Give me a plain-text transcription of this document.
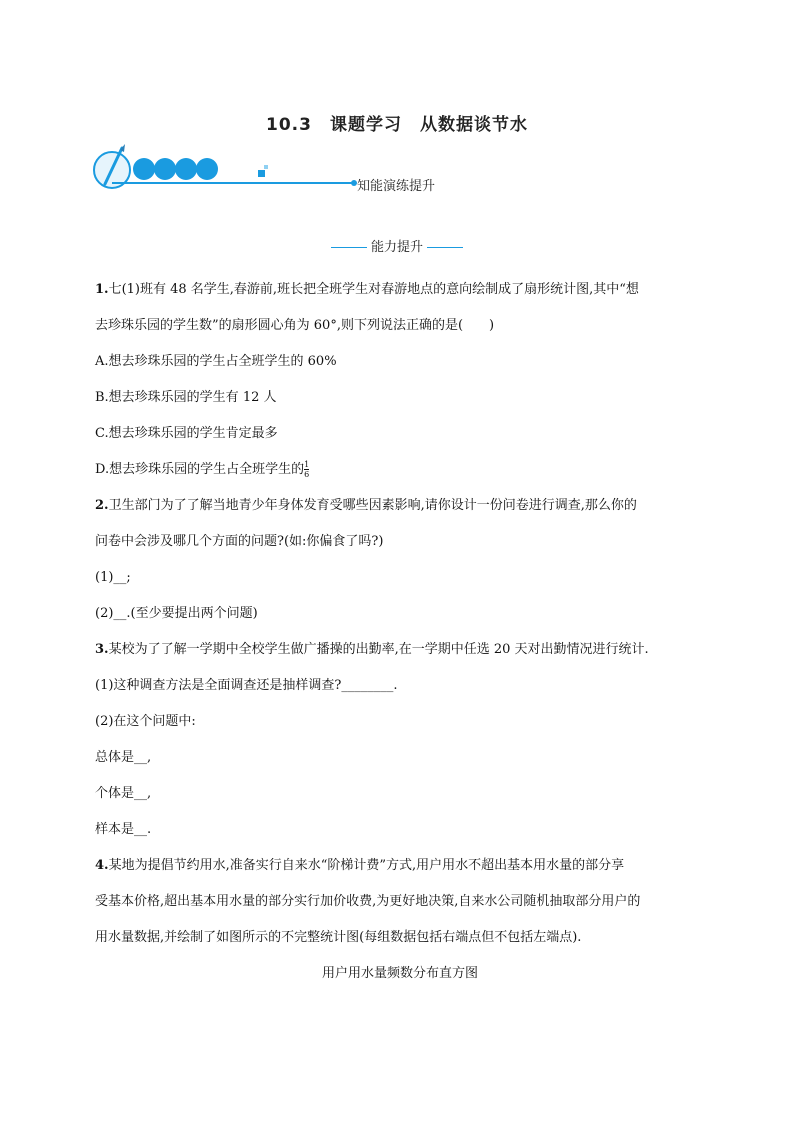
10.3　课题学习　从数据谈节水
知能演练提升
能力提升

1.七(1)班有 48 名学生,春游前,班长把全班学生对春游地点的意向绘制成了扇形统计图,其中“想

去珍珠乐园的学生数”的扇形圆心角为 60°,则下列说法正确的是(　　)

A.想去珍珠乐园的学生占全班学生的 60%

B.想去珍珠乐园的学生有 12 人

C.想去珍珠乐园的学生肯定最多

D.想去珍珠乐园的学生占全班学生的$\frac{1}{6}$

2.卫生部门为了了解当地青少年身体发育受哪些因素影响,请你设计一份问卷进行调查,那么你的

问卷中会涉及哪几个方面的问题?(如:你偏食了吗?)

(1)__;

(2)__.(至少要提出两个问题)

3.某校为了了解一学期中全校学生做广播操的出勤率,在一学期中任选 20 天对出勤情况进行统计.

(1)这种调查方法是全面调查还是抽样调查?________.

(2)在这个问题中:

总体是__,

个体是__,

样本是__.

4.某地为提倡节约用水,准备实行自来水“阶梯计费”方式,用户用水不超出基本用水量的部分享

受基本价格,超出基本用水量的部分实行加价收费,为更好地决策,自来水公司随机抽取部分用户的

用水量数据,并绘制了如图所示的不完整统计图(每组数据包括右端点但不包括左端点).

用户用水量频数分布直方图
